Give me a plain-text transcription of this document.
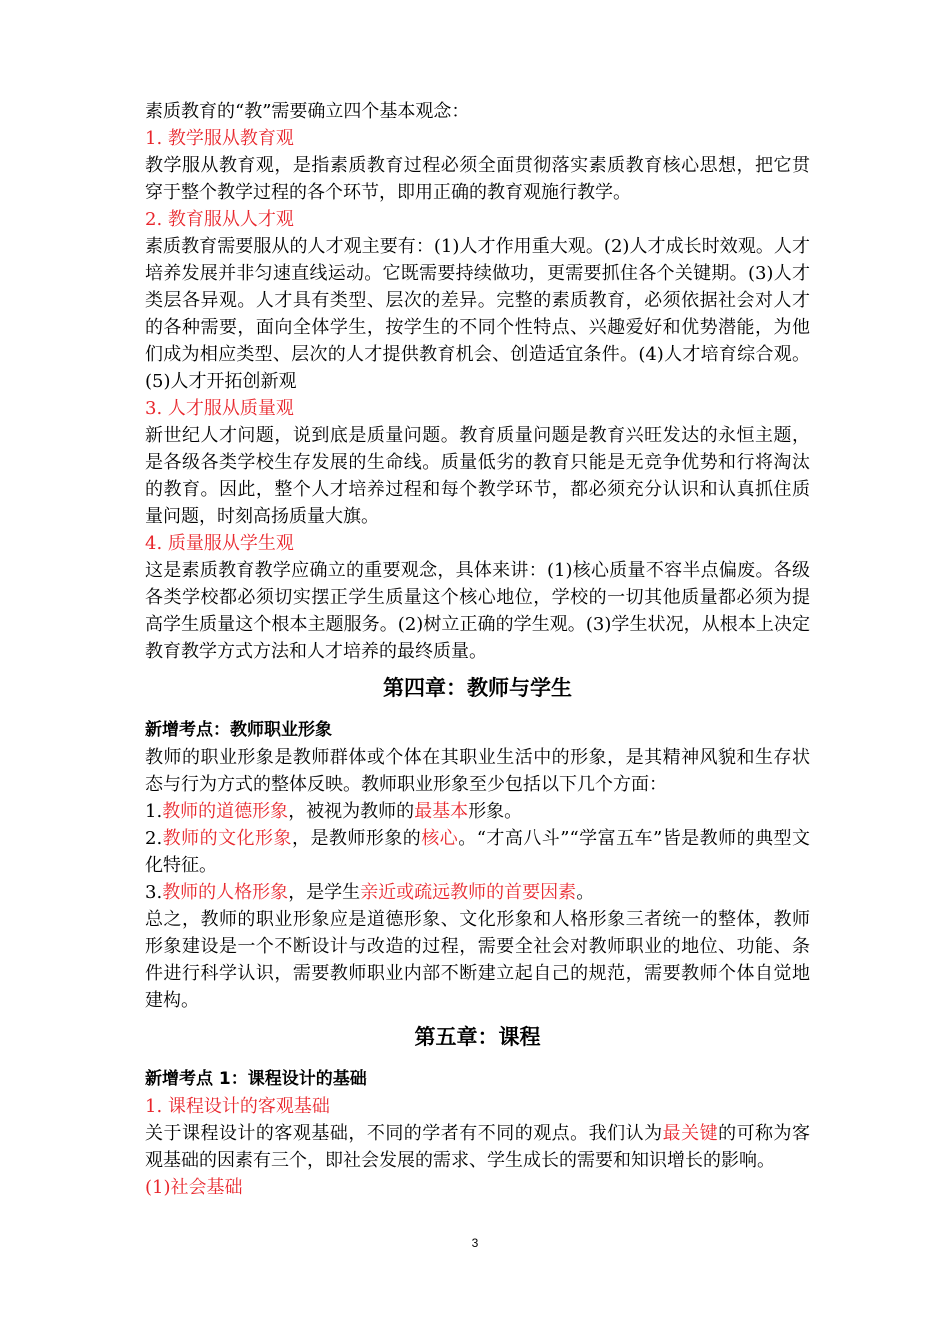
素质教育的“教”需要确立四个基本观念：

1. 教学服从教育观

教学服从教育观，是指素质教育过程必须全面贯彻落实素质教育核心思想，把它贯穿于整个教学过程的各个环节，即用正确的教育观施行教学。

2. 教育服从人才观

素质教育需要服从的人才观主要有：(1)人才作用重大观。(2)人才成长时效观。人才培养发展并非匀速直线运动。它既需要持续做功，更需要抓住各个关键期。(3)人才类层各异观。人才具有类型、层次的差异。完整的素质教育，必须依据社会对人才的各种需要，面向全体学生，按学生的不同个性特点、兴趣爱好和优势潜能，为他们成为相应类型、层次的人才提供教育机会、创造适宜条件。(4)人才培育综合观。(5)人才开拓创新观

3. 人才服从质量观

新世纪人才问题，说到底是质量问题。教育质量问题是教育兴旺发达的永恒主题，是各级各类学校生存发展的生命线。质量低劣的教育只能是无竞争优势和行将淘汰的教育。因此，整个人才培养过程和每个教学环节，都必须充分认识和认真抓住质量问题，时刻高扬质量大旗。

4. 质量服从学生观

这是素质教育教学应确立的重要观念，具体来讲：(1)核心质量不容半点偏废。各级各类学校都必须切实摆正学生质量这个核心地位，学校的一切其他质量都必须为提高学生质量这个根本主题服务。(2)树立正确的学生观。(3)学生状况，从根本上决定教育教学方式方法和人才培养的最终质量。

第四章：教师与学生

新增考点：教师职业形象

教师的职业形象是教师群体或个体在其职业生活中的形象，是其精神风貌和生存状态与行为方式的整体反映。教师职业形象至少包括以下几个方面：

1.教师的道德形象，被视为教师的最基本形象。

2.教师的文化形象，是教师形象的核心。“才高八斗”“学富五车”皆是教师的典型文化特征。

3.教师的人格形象，是学生亲近或疏远教师的首要因素。

总之，教师的职业形象应是道德形象、文化形象和人格形象三者统一的整体，教师形象建设是一个不断设计与改造的过程，需要全社会对教师职业的地位、功能、条件进行科学认识，需要教师职业内部不断建立起自己的规范，需要教师个体自觉地建构。

第五章：课程

新增考点 1：课程设计的基础

1. 课程设计的客观基础

关于课程设计的客观基础，不同的学者有不同的观点。我们认为最关键的可称为客观基础的因素有三个，即社会发展的需求、学生成长的需要和知识增长的影响。

(1)社会基础

3
